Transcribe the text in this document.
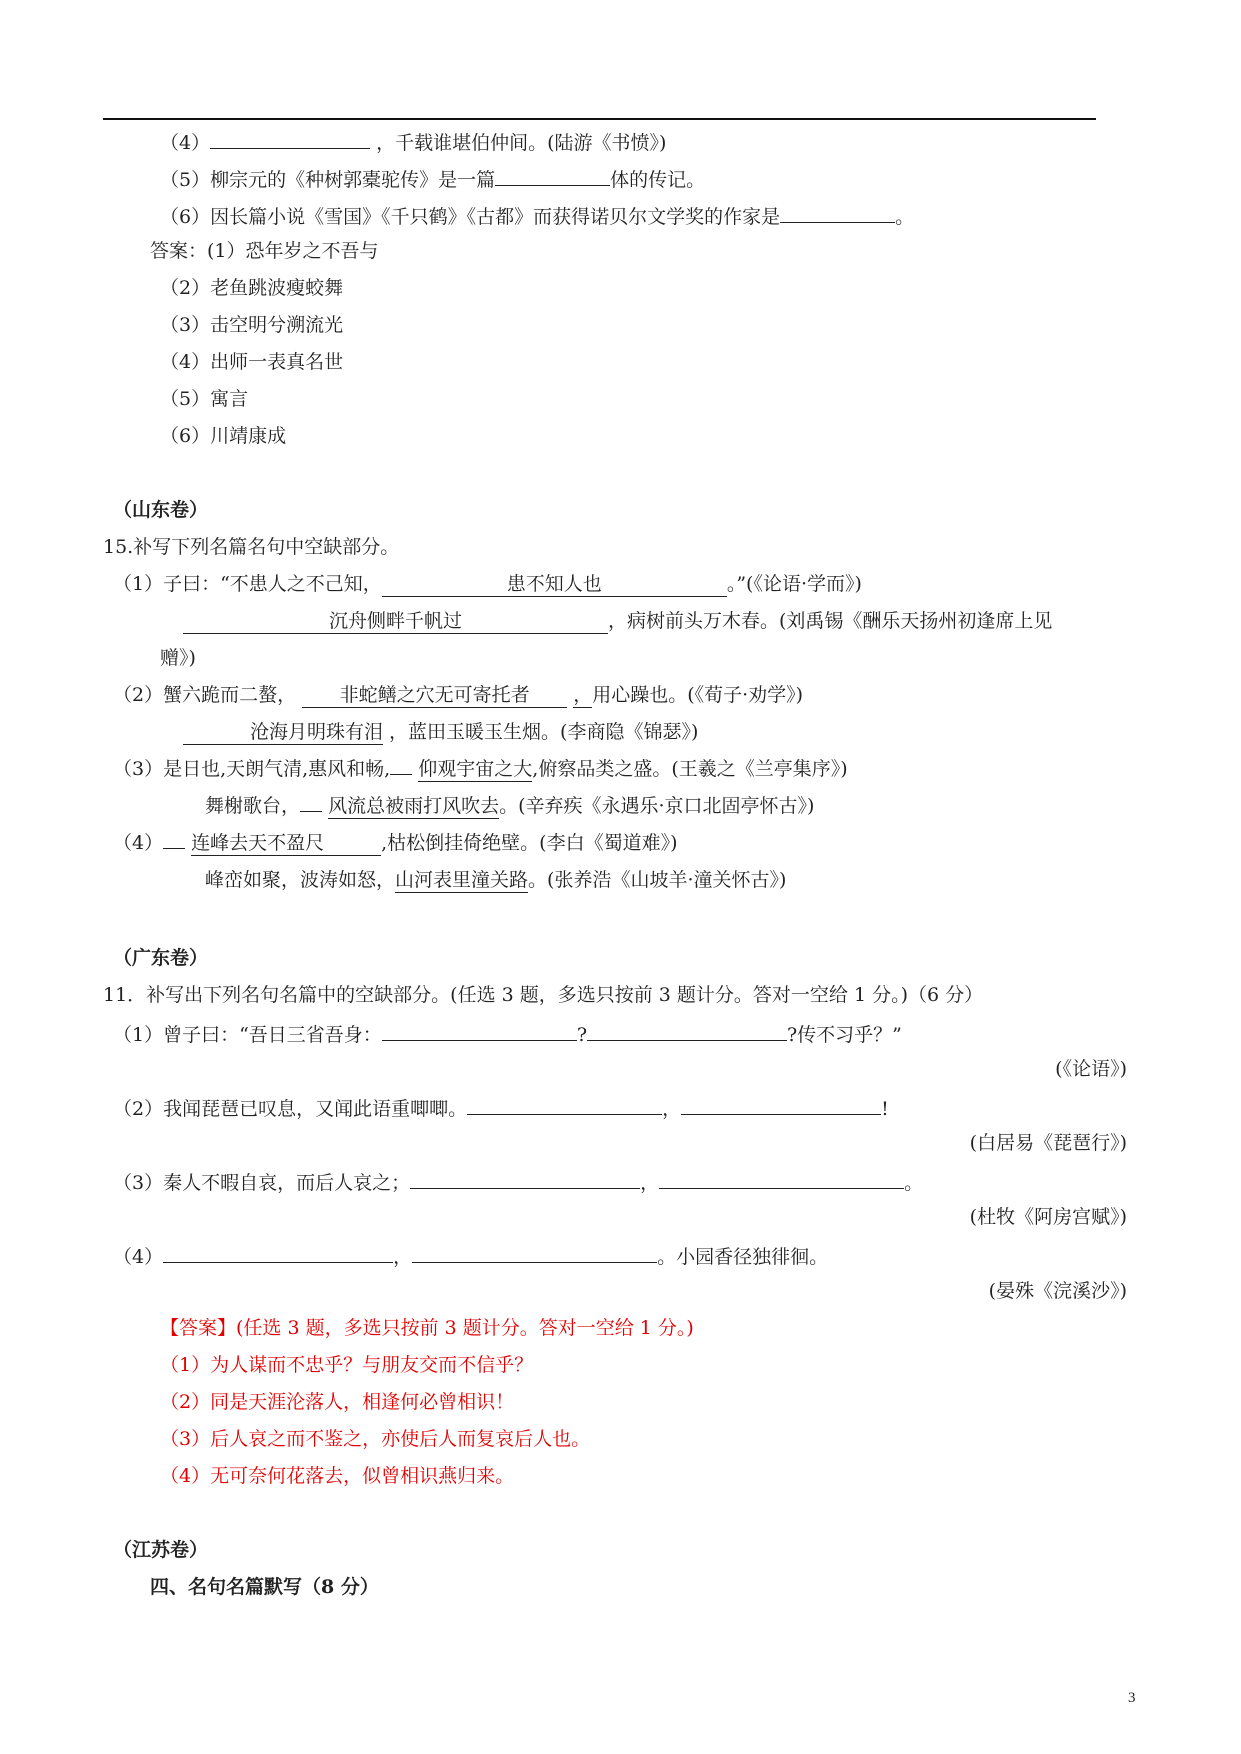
（4）	，千载谁堪伯仲间。(陆游《书愤》)
（5）柳宗元的《种树郭橐驼传》是一篇	体的传记。
（6）因长篇小说《雪国》《千只鹤》《古都》而获得诺贝尔文学奖的作家是	。
答案：(1）恐年岁之不吾与
（2）老鱼跳波瘦蛟舞
（3）击空明兮溯流光
（4）出师一表真名世
（5）寓言
（6）川靖康成
（山东卷）
15.补写下列名篇名句中空缺部分。
（1）子曰：“不患人之不己知，	患不知人也	。”(《论语·学而》)
沉舟侧畔千帆过	，病树前头万木春。(刘禹锡《酬乐天扬州初逢席上见
赠》)
（2）蟹六跪而二螯， 非蛇鳝之穴无可寄托者 ，用心躁也。(《荀子·劝学》)
沧海月明珠有泪 ，蓝田玉暖玉生烟。(李商隐《锦瑟》)
（3）是日也,天朗气清,惠风和畅, 仰观宇宙之大,俯察品类之盛。(王羲之《兰亭集序》)
舞榭歌台， 风流总被雨打风吹去。(辛弃疾《永遇乐·京口北固亭怀古》)
（4） 连峰去天不盈尺	,枯松倒挂倚绝壁。(李白《蜀道难》)
峰峦如聚，波涛如怒，山河表里潼关路。(张养浩《山坡羊·潼关怀古》)
（广东卷）
11．补写出下列名句名篇中的空缺部分。(任选 3 题，多选只按前 3 题计分。答对一空给 1 分。)（6 分）
（1）曾子曰：“吾日三省吾身：	?	?传不习乎？”
(《论语》)
（2）我闻琵琶已叹息，又闻此语重唧唧。	，	!
(白居易《琵琶行》)
（3）秦人不暇自哀，而后人哀之；	，	。
(杜牧《阿房宫赋》)
（4）	，	。小园香径独徘徊。
(晏殊《浣溪沙》)
【答案】(任选 3 题，多选只按前 3 题计分。答对一空给 1 分。)
（1）为人谋而不忠乎？与朋友交而不信乎？
（2）同是天涯沦落人，相逢何必曾相识！
（3）后人哀之而不鉴之，亦使后人而复哀后人也。
（4）无可奈何花落去，似曾相识燕归来。
（江苏卷）
四、名句名篇默写（8 分）
3
